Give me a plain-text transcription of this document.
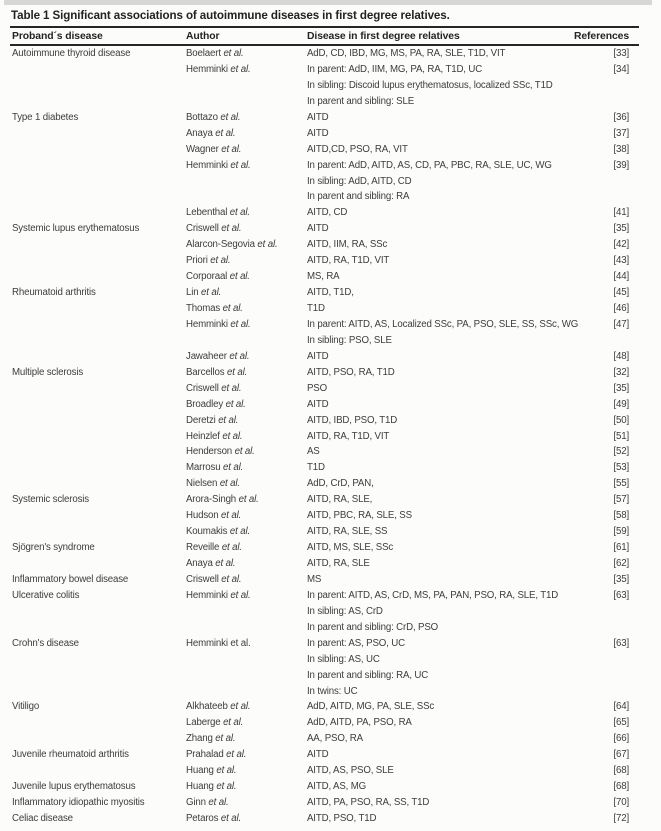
Table 1 Significant associations of autoimmune diseases in first degree relatives.
Proband´s disease	Author	Disease in first degree relatives	References
Autoimmune thyroid disease	Boelaert et al.	AdD, CD, IBD, MG, MS, PA, RA, SLE, T1D, VIT	[33]
Hemminki et al.	In parent: AdD, IIM, MG, PA, RA, T1D, UC	[34]
In sibling: Discoid lupus erythematosus, localized SSc, T1D
In parent and sibling: SLE
Type 1 diabetes	Bottazo et al.	AITD	[36]
Anaya et al.	AITD	[37]
Wagner et al.	AITD,CD, PSO, RA, VIT	[38]
Hemminki et al.	In parent: AdD, AITD, AS, CD, PA, PBC, RA, SLE, UC, WG	[39]
In sibling: AdD, AITD, CD
In parent and sibling: RA
Lebenthal et al.	AITD, CD	[41]
Systemic lupus erythematosus	Criswell et al.	AITD	[35]
Alarcon-Segovia et al.	AITD, IIM, RA, SSc	[42]
Priori et al.	AITD, RA, T1D, VIT	[43]
Corporaal et al.	MS, RA	[44]
Rheumatoid arthritis	Lin et al.	AITD, T1D,	[45]
Thomas et al.	T1D	[46]
Hemminki et al.	In parent: AITD, AS, Localized SSc, PA, PSO, SLE, SS, SSc, WG	[47]
In sibling: PSO, SLE
Jawaheer et al.	AITD	[48]
Multiple sclerosis	Barcellos et al.	AITD, PSO, RA, T1D	[32]
Criswell et al.	PSO	[35]
Broadley et al.	AITD	[49]
Deretzi et al.	AITD, IBD, PSO, T1D	[50]
Heinzlef et al.	AITD, RA, T1D, VIT	[51]
Henderson et al.	AS	[52]
Marrosu et al.	T1D	[53]
Nielsen et al.	AdD, CrD, PAN,	[55]
Systemic sclerosis	Arora-Singh et al.	AITD, RA, SLE,	[57]
Hudson et al.	AITD, PBC, RA, SLE, SS	[58]
Koumakis et al.	AITD, RA, SLE, SS	[59]
Sjögren's syndrome	Reveille et al.	AITD, MS, SLE, SSc	[61]
Anaya et al.	AITD, RA, SLE	[62]
Inflammatory bowel disease	Criswell et al.	MS	[35]
Ulcerative colitis	Hemminki et al.	In parent: AITD, AS, CrD, MS, PA, PAN, PSO, RA, SLE, T1D	[63]
In sibling: AS, CrD
In parent and sibling: CrD, PSO
Crohn's disease	Hemminki et al.	In parent: AS, PSO, UC	[63]
In sibling: AS, UC
In parent and sibling: RA, UC
In twins: UC
Vitiligo	Alkhateeb et al.	AdD, AITD, MG, PA, SLE, SSc	[64]
Laberge et al.	AdD, AITD, PA, PSO, RA	[65]
Zhang et al.	AA, PSO, RA	[66]
Juvenile rheumatoid arthritis	Prahalad et al.	AITD	[67]
Huang et al.	AITD, AS, PSO, SLE	[68]
Juvenile lupus erythematosus	Huang et al.	AITD, AS, MG	[68]
Inflammatory idiopathic myositis	Ginn et al.	AITD, PA, PSO, RA, SS, T1D	[70]
Celiac disease	Petaros et al.	AITD, PSO, T1D	[72]
